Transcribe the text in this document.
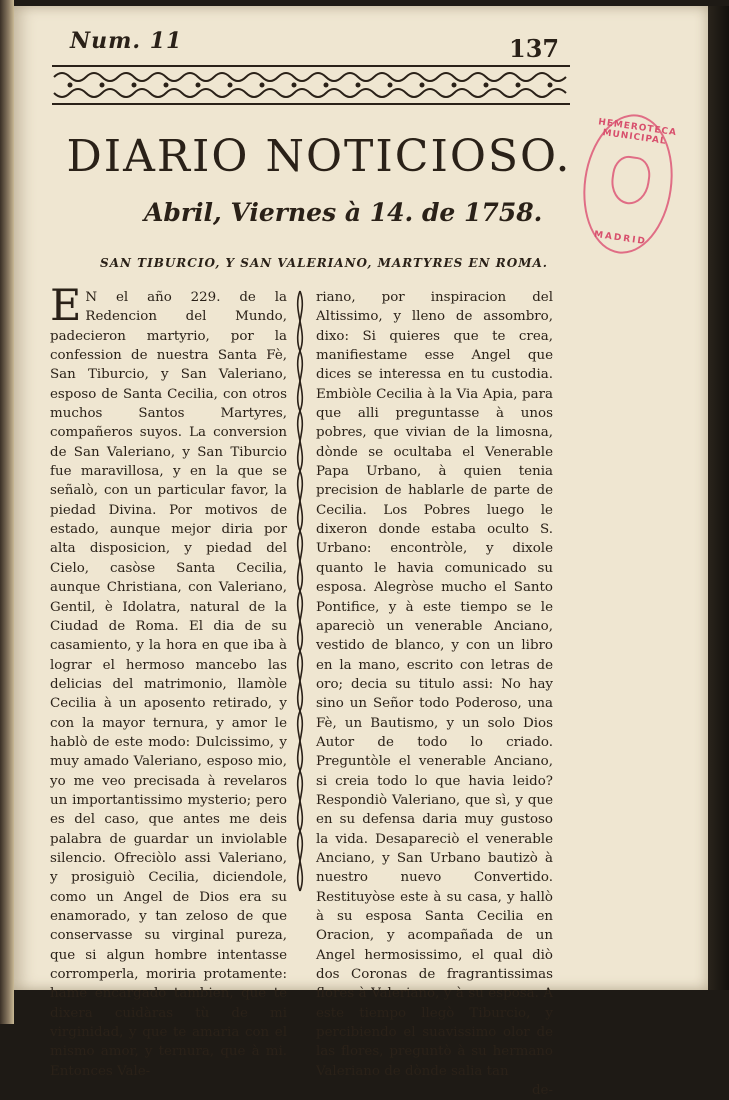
Num. 11	137
DIARIO NOTICIOSO.
Abril, Viernes à 14. de 1758.
SAN TIBURCIO, Y SAN VALERIANO, MARTYRES EN ROMA.
HEMEROTECA MUNICIPAL
MADRID
E N el año 229. de la Redencion del Mundo, padecieron martyrio, por la confession de nuestra Santa Fè, San Tiburcio, y San Valeriano, esposo de Santa Cecilia, con otros muchos Santos Martyres, compañeros suyos. La conversion de San Valeriano, y San Tiburcio fue maravillosa, y en la que se señalò, con un particular favor, la piedad Divina. Por motivos de estado, aunque mejor diria por alta disposicion, y piedad del Cielo, casòse Santa Cecilia, aunque Christiana, con Valeriano, Gentil, è Idolatra, natural de la Ciudad de Roma. El dia de su casamiento, y la hora en que iba à lograr el hermoso mancebo las delicias del matrimonio, llamòle Cecilia à un aposento retirado, y con la mayor ternura, y amor le hablò de este modo: Dulcissimo, y muy amado Valeriano, esposo mio, yo me veo precisada à revelaros un importantissimo mysterio; pero es del caso, que antes me deis palabra de guardar un inviolable silencio. Ofreciòlo assi Valeriano, y prosiguiò Cecilia, diciendole, como un Angel de Dios era su enamorado, y tan zeloso de que conservasse su virginal pureza, que si algun hombre intentasse corromperla, moriria protamente: hame encargado tambien, que te dixera cuidàras tù de mi virginidad, y que te amaria con el mismo amor, y ternura, que à mi. Entonces Vale-

riano, por inspiracion del Altissimo, y lleno de assombro, dixo: Si quieres que te crea, manifiestame esse Angel que dices se interessa en tu custodia. Embiòle Cecilia à la Via Apia, para que alli preguntasse à unos pobres, que vivian de la limosna, dònde se ocultaba el Venerable Papa Urbano, à quien tenia precision de hablarle de parte de Cecilia. Los Pobres luego le dixeron donde estaba oculto S. Urbano: encontròle, y dixole quanto le havia comunicado su esposa. Alegròse mucho el Santo Pontifice, y à este tiempo se le apareciò un venerable Anciano, vestido de blanco, y con un libro en la mano, escrito con letras de oro; decia su titulo assi: No hay sino un Señor todo Poderoso, una Fè, un Bautismo, y un solo Dios Autor de todo lo criado. Preguntòle el venerable Anciano, si creia todo lo que havia leido? Respondiò Valeriano, que sì, y que en su defensa daria muy gustoso la vida. Desapareciò el venerable Anciano, y San Urbano bautizò à nuestro nuevo Convertido. Restituyòse este à su casa, y hallò à su esposa Santa Cecilia en Oracion, y acompañada de un Angel hermosissimo, el qual diò dos Coronas de fragrantissimas flores à Valeriano, y à su esposa. A este tiempo llegò Tiburcio, y percibiendo el suavissimo olor de las flores, preguntò à su hermano Valeriano de dònde salia tan

de-
